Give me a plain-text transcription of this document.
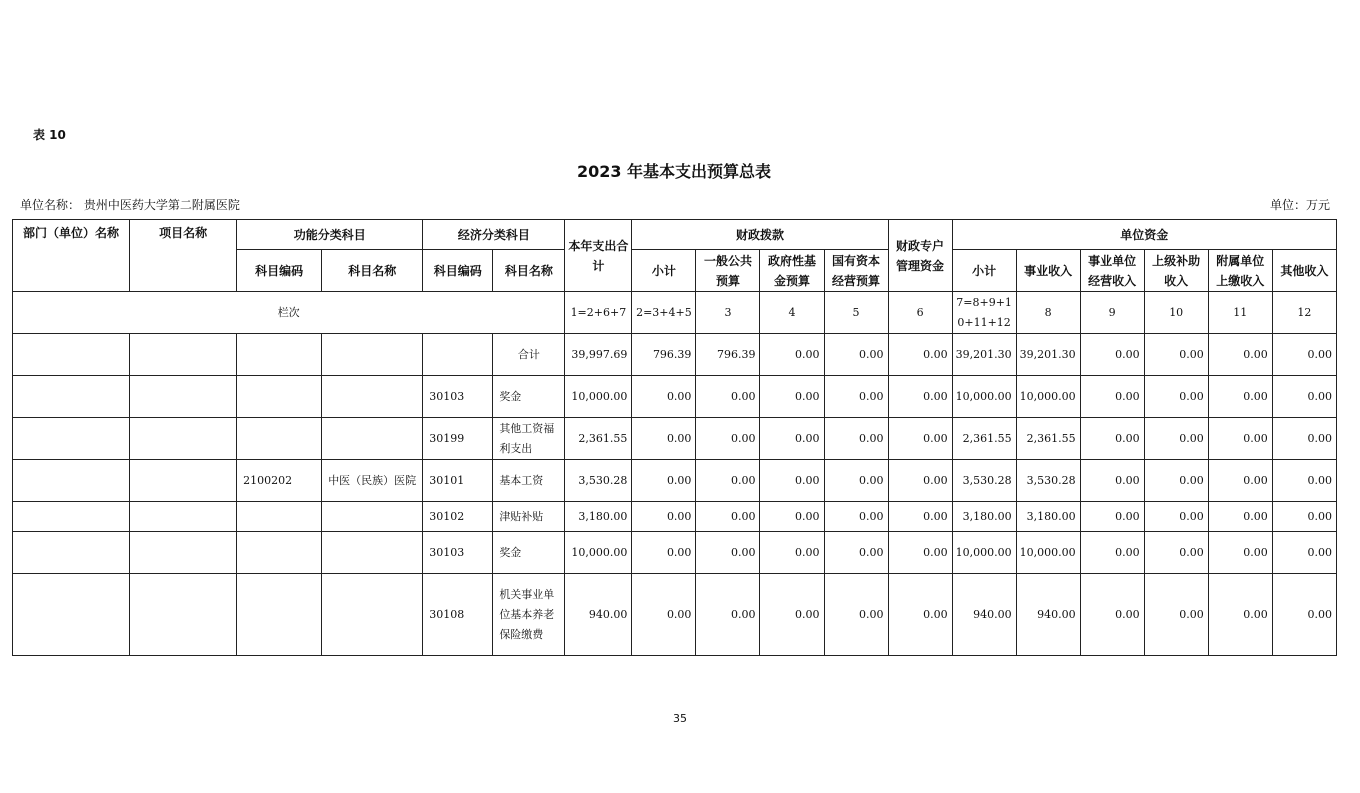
表 10
2023 年基本支出预算总表
单位名称： 贵州中医药大学第二附属医院	单位：万元
部门（单位）名称	项目名称	功能分类科目		经济分类科目		本年支出合计	财政拨款				财政专户管理资金	单位资金					
		科目编码	科目名称	科目编码	科目名称		小计	一般公共预算	政府性基金预算	国有资本经营预算		小计	事业收入	事业单位经营收入	上级补助收入	附属单位上缴收入	其他收入
栏次						1=2+6+7	2=3+4+5	3	4	5	6	7=8+9+10+11+12	8	9	10	11	12
					合计	39,997.69	796.39	796.39	0.00	0.00	0.00	39,201.30	39,201.30	0.00	0.00	0.00	0.00
				30103	奖金	10,000.00	0.00	0.00	0.00	0.00	0.00	10,000.00	10,000.00	0.00	0.00	0.00	0.00
				30199	其他工资福利支出	2,361.55	0.00	0.00	0.00	0.00	0.00	2,361.55	2,361.55	0.00	0.00	0.00	0.00
		2100202	中医（民族）医院	30101	基本工资	3,530.28	0.00	0.00	0.00	0.00	0.00	3,530.28	3,530.28	0.00	0.00	0.00	0.00
				30102	津贴补贴	3,180.00	0.00	0.00	0.00	0.00	0.00	3,180.00	3,180.00	0.00	0.00	0.00	0.00
				30103	奖金	10,000.00	0.00	0.00	0.00	0.00	0.00	10,000.00	10,000.00	0.00	0.00	0.00	0.00
				30108	机关事业单位基本养老保险缴费	940.00	0.00	0.00	0.00	0.00	0.00	940.00	940.00	0.00	0.00	0.00	0.00
35
